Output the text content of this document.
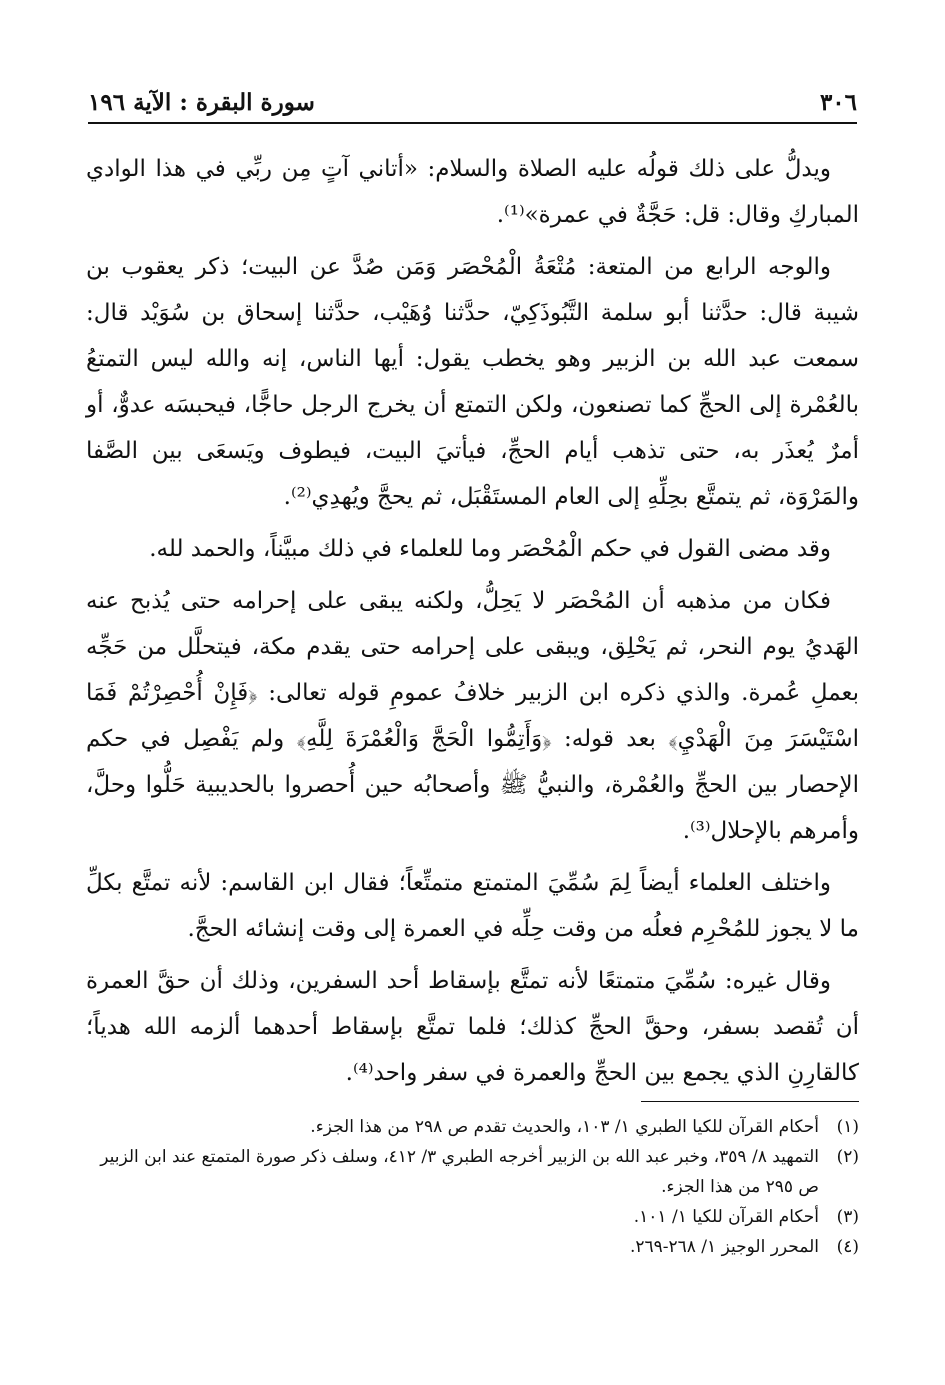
٣٠٦
سورة البقرة : الآية ١٩٦

ويدلُّ على ذلك قولُه عليه الصلاة والسلام: «أتاني آتٍ مِن ربِّي في هذا الوادي المباركِ وقال: قل: حَجَّةٌ في عمرة»⁽¹⁾.

والوجه الرابع من المتعة: مُتْعَةُ الْمُحْصَر وَمَن صُدَّ عن البيت؛ ذكر يعقوب بن شيبة قال: حدَّثنا أبو سلمة التَّبُوذَكِيّ، حدَّثنا وُهَيْب، حدَّثنا إسحاق بن سُوَيْد قال: سمعت عبد الله بن الزبير وهو يخطب يقول: أيها الناس، إنه والله ليس التمتعُ بالعُمْرة إلى الحجِّ كما تصنعون، ولكن التمتع أن يخرج الرجل حاجًّا، فيحبسَه عدوٌّ، أو أمرٌ يُعذَر به، حتى تذهب أيام الحجِّ، فيأتيَ البيت، فيطوف ويَسعَى بين الصَّفا والمَرْوَة، ثم يتمتَّع بحِلِّهِ إلى العام المستَقْبَل، ثم يحجَّ ويُهدِي⁽²⁾.

وقد مضى القول في حكم الْمُحْصَر وما للعلماء في ذلك مبيَّناً، والحمد لله.

فكان من مذهبه أن المُحْصَر لا يَحِلُّ، ولكنه يبقى على إحرامه حتى يُذبح عنه الهَديُ يوم النحر، ثم يَحْلِق، ويبقى على إحرامه حتى يقدم مكة، فيتحلَّل من حَجِّه بعملِ عُمرة. والذي ذكره ابن الزبير خلافُ عمومِ قوله تعالى: ﴿فَإِنْ أُحْصِرْتُمْ فَمَا اسْتَيْسَرَ مِنَ الْهَدْيِ﴾ بعد قوله: ﴿وَأَتِمُّوا الْحَجَّ وَالْعُمْرَةَ لِلَّهِ﴾ ولم يَفْصِل في حكم الإحصار بين الحجِّ والعُمْرة، والنبيُّ ﷺ وأصحابُه حين أُحصروا بالحديبية حَلُّوا وحلَّ، وأمرهم بالإحلال⁽³⁾.

واختلف العلماء أيضاً لِمَ سُمِّيَ المتمتع متمتِّعاً؛ فقال ابن القاسم: لأنه تمتَّع بكلِّ ما لا يجوز للمُحْرِم فعلُه من وقت حِلِّه في العمرة إلى وقت إنشائه الحجَّ.

وقال غيره: سُمِّيَ متمتعًا لأنه تمتَّع بإسقاط أحد السفرين، وذلك أن حقَّ العمرة أن تُقصد بسفر، وحقَّ الحجِّ كذلك؛ فلما تمتَّع بإسقاط أحدهما ألزمه الله هدياً؛ كالقارِنِ الذي يجمع بين الحجِّ والعمرة في سفر واحد⁽⁴⁾.

(١)
أحكام القرآن للكيا الطبري ١/ ١٠٣، والحديث تقدم ص ٢٩٨ من هذا الجزء.
(٢)
التمهيد ٨/ ٣٥٩، وخبر عبد الله بن الزبير أخرجه الطبري ٣/ ٤١٢، وسلف ذكر صورة المتمتع عند ابن الزبير ص ٢٩٥ من هذا الجزء.
(٣)
أحكام القرآن للكيا ١/ ١٠١.
(٤)
المحرر الوجيز ١/ ٢٦٨-٢٦٩.
